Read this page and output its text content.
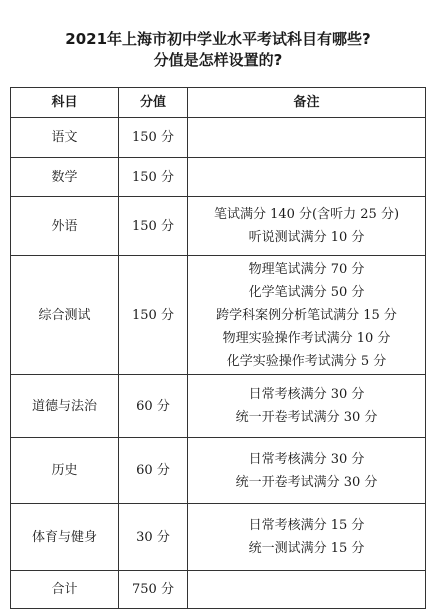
2021年上海市初中学业水平考试科目有哪些?
分值是怎样设置的?
科目	分值	备注
语文	150 分	
数学	150 分	
外语	150 分	笔试满分 140 分(含听力 25 分)
听说测试满分 10 分

综合测试	150 分	物理笔试满分 70 分
化学笔试满分 50 分
跨学科案例分析笔试满分 15 分
物理实验操作考试满分 10 分
化学实验操作考试满分 5 分

道德与法治	60 分	日常考核满分 30 分
统一开卷考试满分 30 分

历史	60 分	日常考核满分 30 分
统一开卷考试满分 30 分

体育与健身	30 分	日常考核满分 15 分
统一测试满分 15 分

合计	750 分	
